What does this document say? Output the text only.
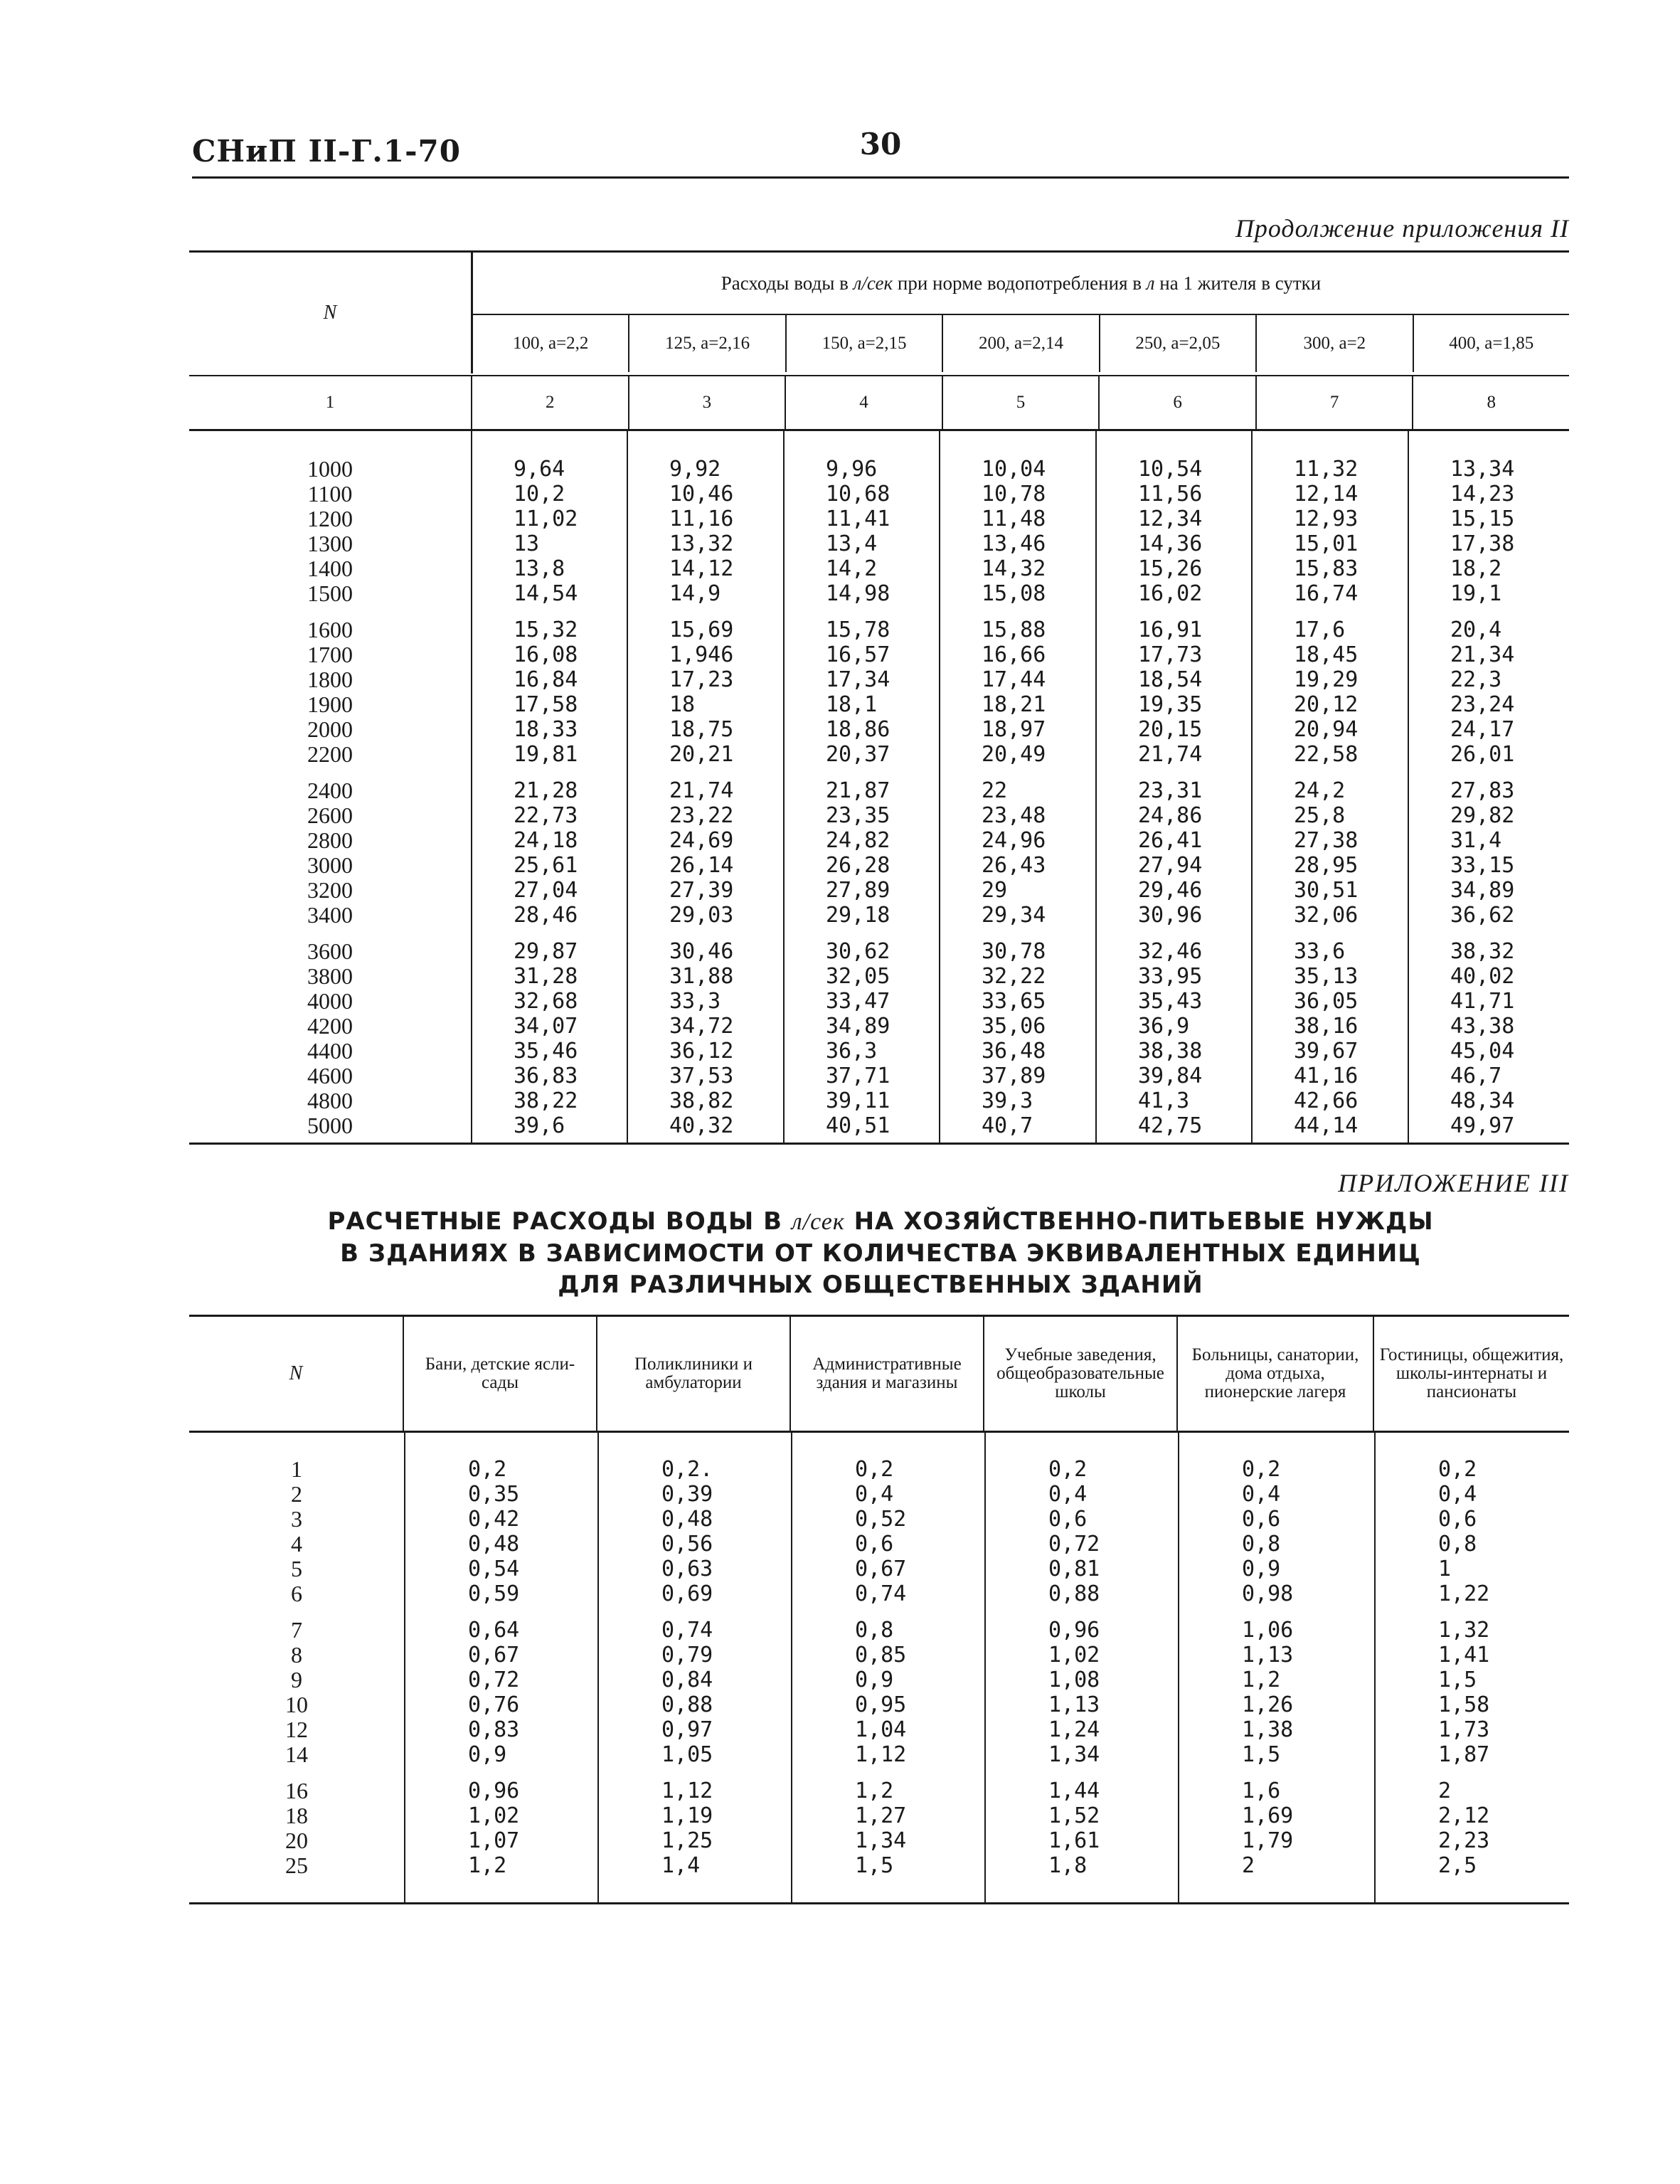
30
СНиП II-Г.1-70
Продолжение приложения II
N
Расходы воды в л/сек при норме водопотребления в л на 1 жителя в сутки
100, a=2,2	125, a=2,16	150, a=2,15	200, a=2,14	250, a=2,05	300, a=2	400, a=1,85
1	2	3	4	5	6	7	8
1000	9,64	9,92	9,96	10,04	10,54	11,32	13,34
1100	10,2	10,46	10,68	10,78	11,56	12,14	14,23
1200	11,02	11,16	11,41	11,48	12,34	12,93	15,15
1300	13	13,32	13,4	13,46	14,36	15,01	17,38
1400	13,8	14,12	14,2	14,32	15,26	15,83	18,2
1500	14,54	14,9	14,98	15,08	16,02	16,74	19,1
1600	15,32	15,69	15,78	15,88	16,91	17,6	20,4
1700	16,08	1,946	16,57	16,66	17,73	18,45	21,34
1800	16,84	17,23	17,34	17,44	18,54	19,29	22,3
1900	17,58	18	18,1	18,21	19,35	20,12	23,24
2000	18,33	18,75	18,86	18,97	20,15	20,94	24,17
2200	19,81	20,21	20,37	20,49	21,74	22,58	26,01
2400	21,28	21,74	21,87	22	23,31	24,2	27,83
2600	22,73	23,22	23,35	23,48	24,86	25,8	29,82
2800	24,18	24,69	24,82	24,96	26,41	27,38	31,4
3000	25,61	26,14	26,28	26,43	27,94	28,95	33,15
3200	27,04	27,39	27,89	29	29,46	30,51	34,89
3400	28,46	29,03	29,18	29,34	30,96	32,06	36,62
3600	29,87	30,46	30,62	30,78	32,46	33,6	38,32
3800	31,28	31,88	32,05	32,22	33,95	35,13	40,02
4000	32,68	33,3	33,47	33,65	35,43	36,05	41,71
4200	34,07	34,72	34,89	35,06	36,9	38,16	43,38
4400	35,46	36,12	36,3	36,48	38,38	39,67	45,04
4600	36,83	37,53	37,71	37,89	39,84	41,16	46,7
4800	38,22	38,82	39,11	39,3	41,3	42,66	48,34
5000	39,6	40,32	40,51	40,7	42,75	44,14	49,97
ПРИЛОЖЕНИЕ III
РАСЧЕТНЫЕ РАСХОДЫ ВОДЫ В л/сек НА ХОЗЯЙСТВЕННО-ПИТЬЕВЫЕ НУЖДЫ
В ЗДАНИЯХ В ЗАВИСИМОСТИ ОТ КОЛИЧЕСТВА ЭКВИВАЛЕНТНЫХ ЕДИНИЦ
ДЛЯ РАЗЛИЧНЫХ ОБЩЕСТВЕННЫХ ЗДАНИЙ
N	Бани, детские ясли-сады
Поликлиники и амбулатории
Административные здания и магазины
Учебные заведения, общеобразовательные школы
Больницы, санатории, дома отдыха, пионерские лагеря
Гостиницы, общежития, школы-интернаты и пансионаты
1	0,2	0,2.	0,2	0,2	0,2	0,2
2	0,35	0,39	0,4	0,4	0,4	0,4
3	0,42	0,48	0,52	0,6	0,6	0,6
4	0,48	0,56	0,6	0,72	0,8	0,8
5	0,54	0,63	0,67	0,81	0,9	1
6	0,59	0,69	0,74	0,88	0,98	1,22
7	0,64	0,74	0,8	0,96	1,06	1,32
8	0,67	0,79	0,85	1,02	1,13	1,41
9	0,72	0,84	0,9	1,08	1,2	1,5
10	0,76	0,88	0,95	1,13	1,26	1,58
12	0,83	0,97	1,04	1,24	1,38	1,73
14	0,9	1,05	1,12	1,34	1,5	1,87
16	0,96	1,12	1,2	1,44	1,6	2
18	1,02	1,19	1,27	1,52	1,69	2,12
20	1,07	1,25	1,34	1,61	1,79	2,23
25	1,2	1,4	1,5	1,8	2	2,5
